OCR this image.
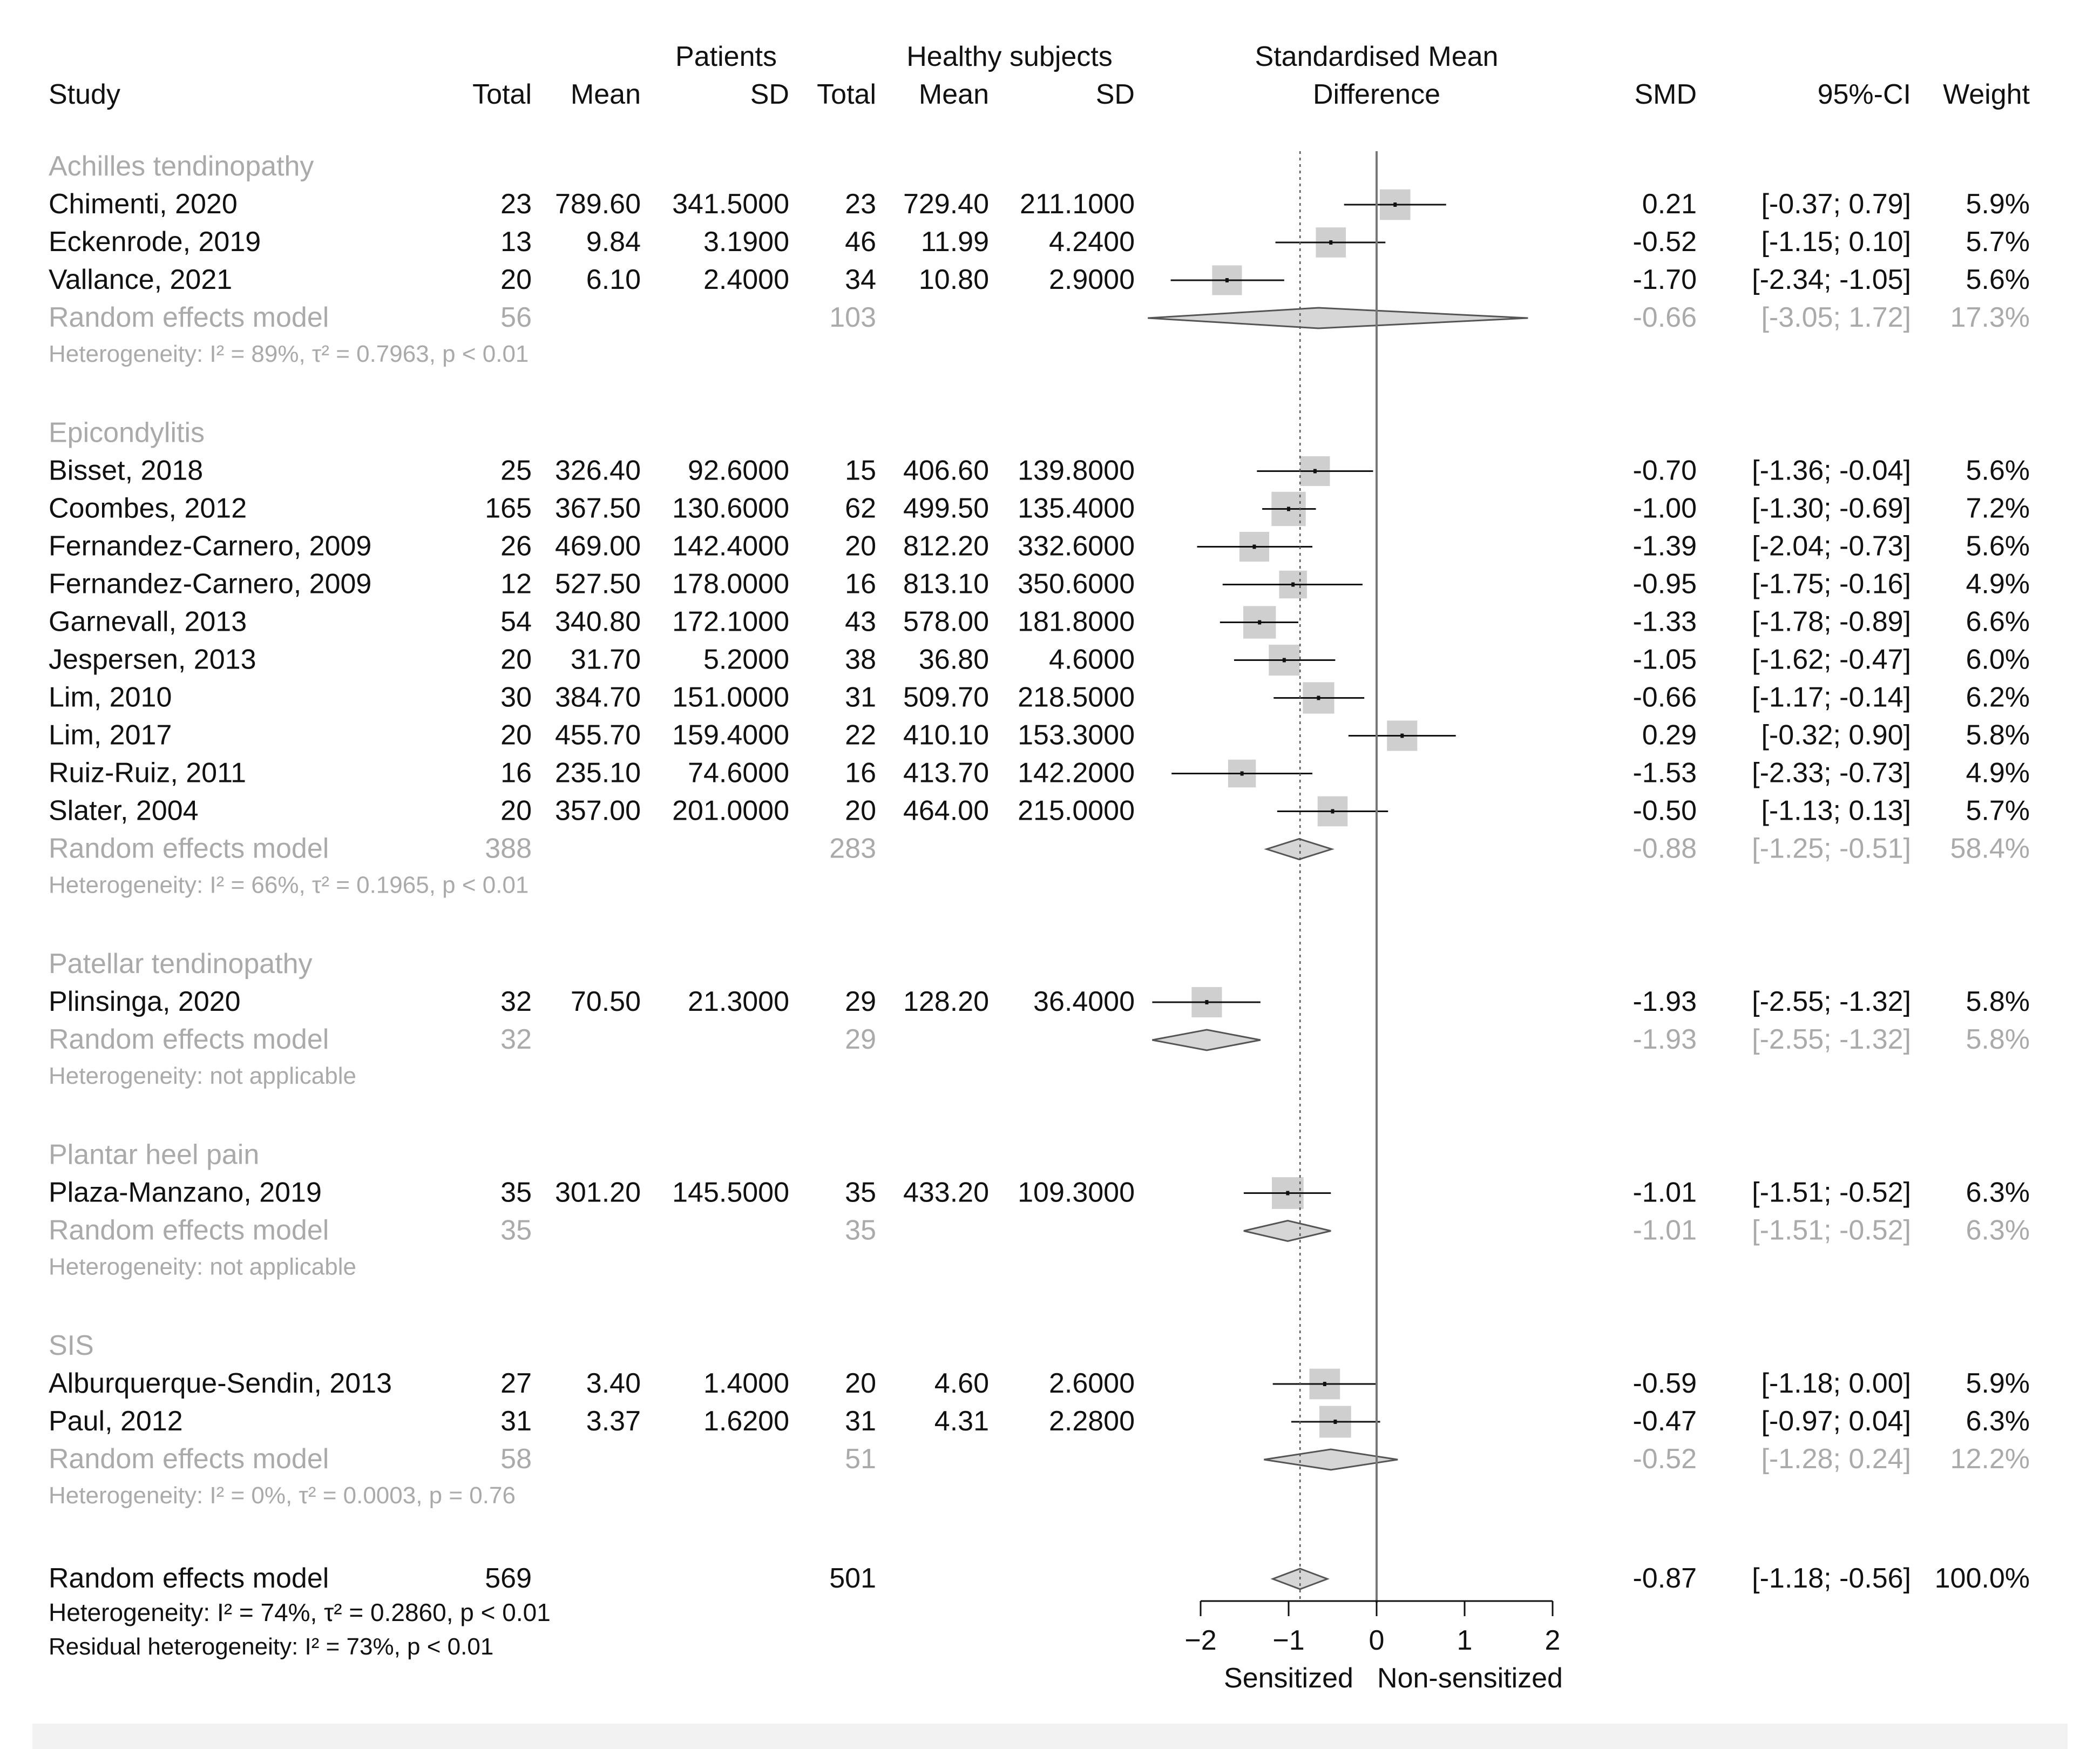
Patients	Healthy subjects	Standardised Mean
Difference
Study	Total Mean	SD Total Mean	SD	SMD	95%-CI Weight
Achilles tendinopathy
Chimenti, 2020	23 789.60 341.5000 23 729.40 211.1000	0.21 [-0.37; 0.79] 5.9%
Eckenrode, 2019	13 9.84 3.1900 46 11.99 4.2400	-0.52 [-1.15; 0.10] 5.7%
Vallance, 2021	20 6.10 2.4000 34 10.80 2.9000	-1.70 [-2.34; -1.05] 5.6%
Random effects model	56	103	-0.66 [-3.05; 1.72] 17.3%
Heterogeneity: I² = 89%, τ² = 0.7963, p < 0.01
Epicondylitis
Bisset, 2018	25 326.40 92.6000 15 406.60 139.8000	-0.70 [-1.36; -0.04] 5.6%
Coombes, 2012	165 367.50 130.6000 62 499.50 135.4000	-1.00 [-1.30; -0.69] 7.2%
Fernandez-Carnero, 2009	26 469.00 142.4000 20 812.20 332.6000	-1.39 [-2.04; -0.73] 5.6%
Fernandez-Carnero, 2009	12 527.50 178.0000 16 813.10 350.6000	-0.95 [-1.75; -0.16] 4.9%
Garnevall, 2013	54 340.80 172.1000 43 578.00 181.8000	-1.33 [-1.78; -0.89] 6.6%
Jespersen, 2013	20 31.70 5.2000 38 36.80 4.6000	-1.05 [-1.62; -0.47] 6.0%
Lim, 2010	30 384.70 151.0000 31 509.70 218.5000	-0.66 [-1.17; -0.14] 6.2%
Lim, 2017	20 455.70 159.4000 22 410.10 153.3000	0.29 [-0.32; 0.90] 5.8%
Ruiz-Ruiz, 2011	16 235.10 74.6000 16 413.70 142.2000	-1.53 [-2.33; -0.73] 4.9%
Slater, 2004	20 357.00 201.0000 20 464.00 215.0000	-0.50 [-1.13; 0.13] 5.7%
Random effects model	388	283	-0.88 [-1.25; -0.51] 58.4%
Heterogeneity: I² = 66%, τ² = 0.1965, p < 0.01
Patellar tendinopathy
Plinsinga, 2020	32 70.50 21.3000 29 128.20 36.4000	-1.93 [-2.55; -1.32] 5.8%
Random effects model	32	29	-1.93 [-2.55; -1.32] 5.8%
Heterogeneity: not applicable
Plantar heel pain
Plaza-Manzano, 2019	35 301.20 145.5000 35 433.20 109.3000	-1.01 [-1.51; -0.52] 6.3%
Random effects model	35	35	-1.01 [-1.51; -0.52] 6.3%
Heterogeneity: not applicable
SIS
Alburquerque-Sendin, 2013	27 3.40 1.4000 20 4.60 2.6000	-0.59 [-1.18; 0.00] 5.9%
Paul, 2012	31 3.37 1.6200 31 4.31 2.2800	-0.47 [-0.97; 0.04] 6.3%
Random effects model	58	51	-0.52 [-1.28; 0.24] 12.2%
Heterogeneity: I² = 0%, τ² = 0.0003, p = 0.76
Random effects model	569	501	-0.87 [-1.18; -0.56] 100.0%
Heterogeneity: I² = 74%, τ² = 0.2860, p < 0.01
Residual heterogeneity: I² = 73%, p < 0.01	−2 −1 0	1	2
Sensitized Non-sensitized
